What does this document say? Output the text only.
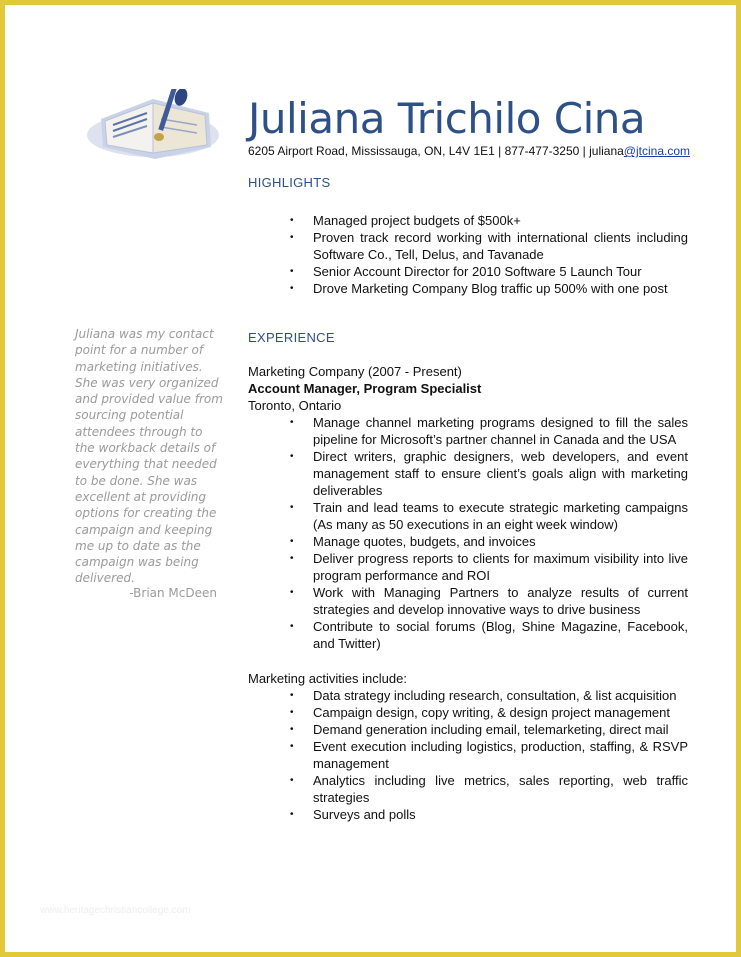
Juliana Trichilo Cina
6205 Airport Road, Mississauga, ON, L4V 1E1 | 877-477-3250 | juliana@jtcina.com
HIGHLIGHTS
• Managed project budgets of $500k+
• Proven track record working with international clients including Software Co., Tell, Delus, and Tavanade
• Senior Account Director for 2010 Software 5 Launch Tour
• Drove Marketing Company Blog traffic up 500% with one post
EXPERIENCE
Marketing Company (2007 - Present)
Account Manager, Program Specialist
Toronto, Ontario
• Manage channel marketing programs designed to fill the sales pipeline for Microsoft’s partner channel in Canada and the USA
• Direct writers, graphic designers, web developers, and event management staff to ensure client’s goals align with marketing deliverables
• Train and lead teams to execute strategic marketing campaigns (As many as 50 executions in an eight week window)
• Manage quotes, budgets, and invoices
• Deliver progress reports to clients for maximum visibility into live program performance and ROI
• Work with Managing Partners to analyze results of current strategies and develop innovative ways to drive business
• Contribute to social forums (Blog, Shine Magazine, Facebook, and Twitter)
Marketing activities include:
• Data strategy including research, consultation, & list acquisition
• Campaign design, copy writing, & design project management
• Demand generation including email, telemarketing, direct mail
• Event execution including logistics, production, staffing, & RSVP management
• Analytics including live metrics, sales reporting, web traffic strategies
• Surveys and polls

Juliana was my contact point for a number of marketing initiatives. She was very organized and provided value from sourcing potential attendees through to the workback details of everything that needed to be done. She was excellent at providing options for creating the campaign and keeping me up to date as the campaign was being delivered.

-Brian McDeen
www.heritagechristiancollege.com
